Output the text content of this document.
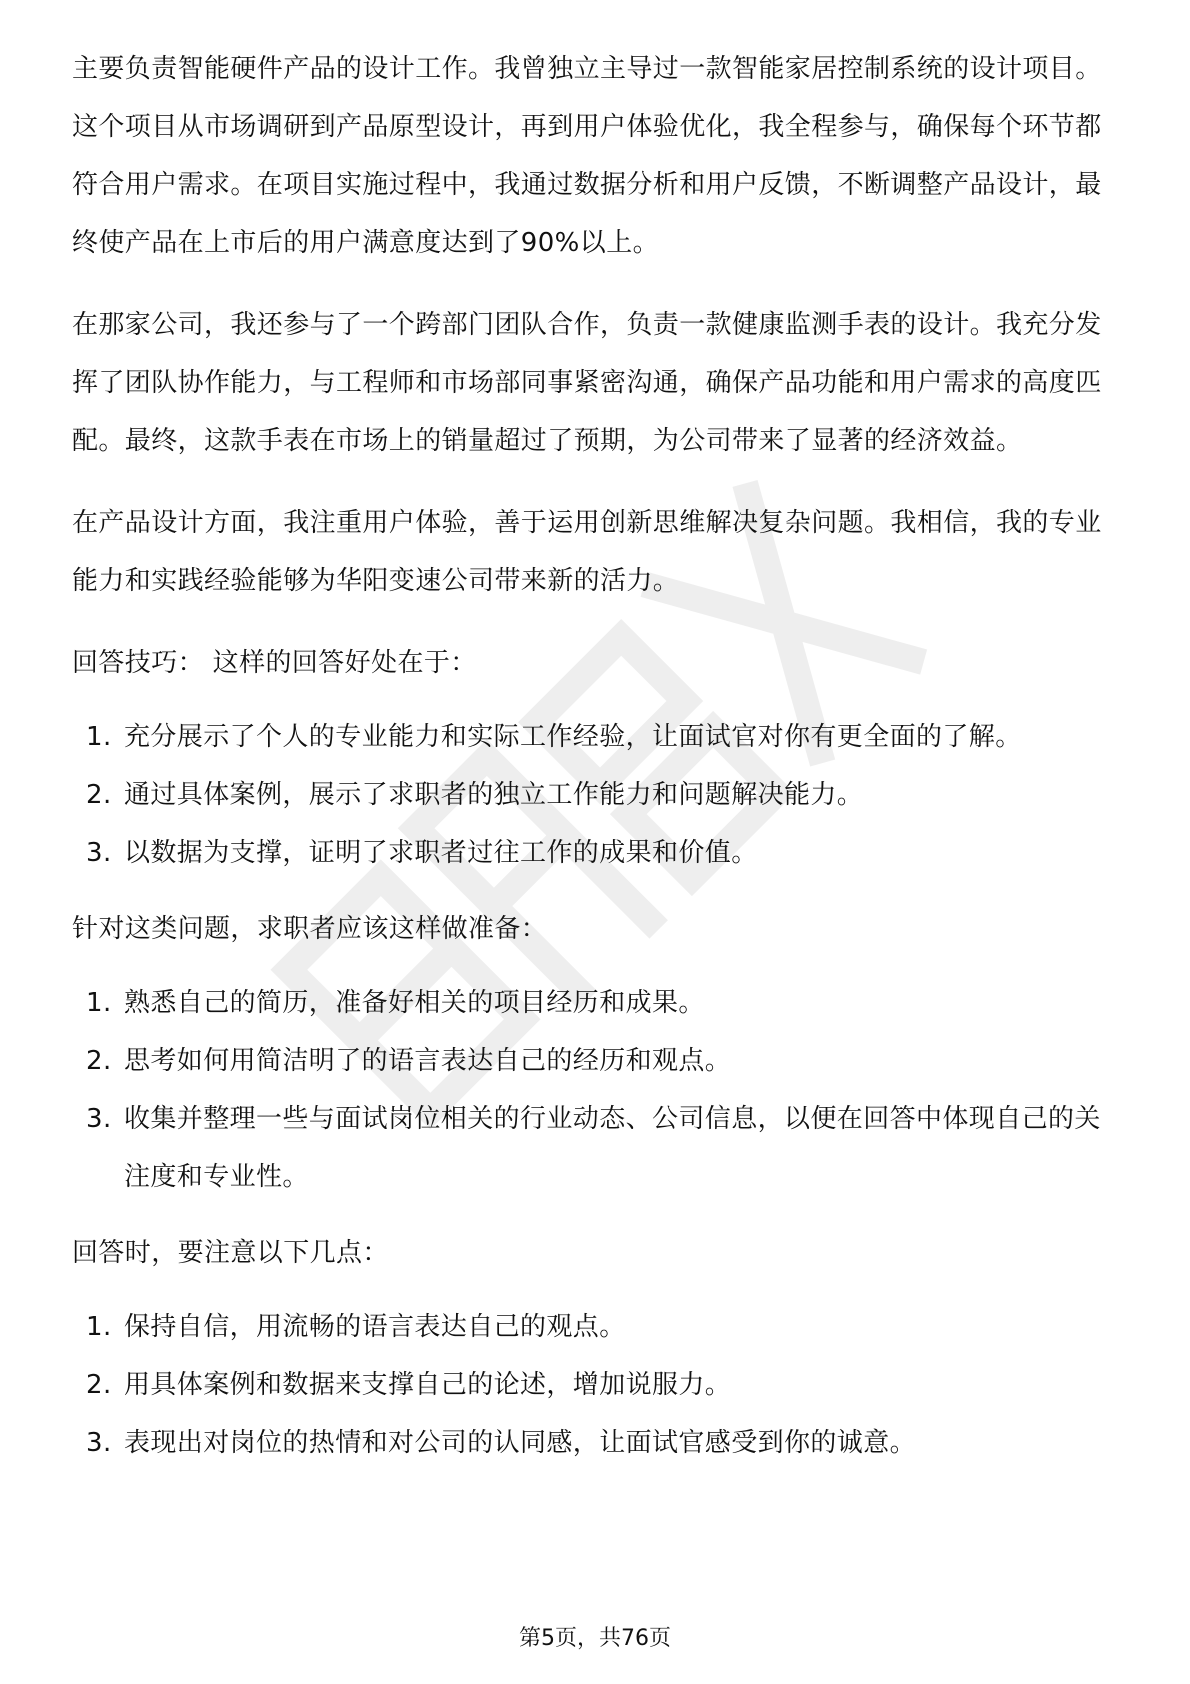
主要负责智能硬件产品的设计工作。我曾独立主导过一款智能家居控制系统的设计项目。这个项目从市场调研到产品原型设计，再到用户体验优化，我全程参与，确保每个环节都符合用户需求。在项目实施过程中，我通过数据分析和用户反馈，不断调整产品设计，最终使产品在上市后的用户满意度达到了90%以上。

在那家公司，我还参与了一个跨部门团队合作，负责一款健康监测手表的设计。我充分发挥了团队协作能力，与工程师和市场部同事紧密沟通，确保产品功能和用户需求的高度匹配。最终，这款手表在市场上的销量超过了预期，为公司带来了显著的经济效益。

在产品设计方面，我注重用户体验，善于运用创新思维解决复杂问题。我相信，我的专业能力和实践经验能够为华阳变速公司带来新的活力。

回答技巧： 这样的回答好处在于：

1. 充分展示了个人的专业能力和实际工作经验，让面试官对你有更全面的了解。
2. 通过具体案例，展示了求职者的独立工作能力和问题解决能力。
3. 以数据为支撑，证明了求职者过往工作的成果和价值。

针对这类问题，求职者应该这样做准备：

1. 熟悉自己的简历，准备好相关的项目经历和成果。
2. 思考如何用简洁明了的语言表达自己的经历和观点。
3. 收集并整理一些与面试岗位相关的行业动态、公司信息，以便在回答中体现自己的关注度和专业性。

回答时，要注意以下几点：

1. 保持自信，用流畅的语言表达自己的观点。
2. 用具体案例和数据来支撑自己的论述，增加说服力。
3. 表现出对岗位的热情和对公司的认同感，让面试官感受到你的诚意。
第5页，共76页
